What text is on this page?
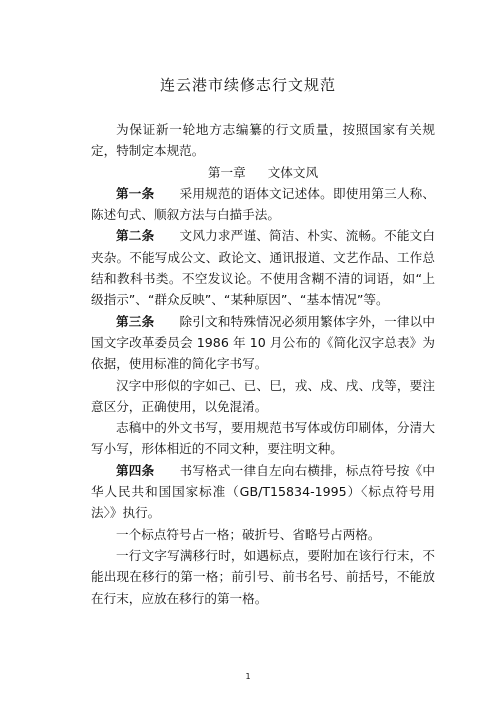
连云港市续修志行文规范

为保证新一轮地方志编纂的行文质量，按照国家有关规定，特制定本规范。

第一章 文体文风

第一条 采用规范的语体文记述体。即使用第三人称、陈述句式、顺叙方法与白描手法。

第二条 文风力求严谨、简洁、朴实、流畅。不能文白夹杂。不能写成公文、政论文、通讯报道、文艺作品、工作总结和教科书类。不空发议论。不使用含糊不清的词语，如“上级指示”、“群众反映”、“某种原因”、“基本情况”等。

第三条 除引文和特殊情况必须用繁体字外，一律以中国文字改革委员会 1986 年 10 月公布的《简化汉字总表》为依据，使用标准的简化字书写。

汉字中形似的字如己、已、巳，戎、戍、戌、戊等，要注意区分，正确使用，以免混淆。

志稿中的外文书写，要用规范书写体或仿印刷体，分清大写小写，形体相近的不同文种，要注明文种。

第四条 书写格式一律自左向右横排，标点符号按《中华人民共和国国家标准（GB/T15834-1995）〈标点符号用法〉》执行。

一个标点符号占一格；破折号、省略号占两格。

一行文字写满移行时，如遇标点，要附加在该行行末，不能出现在移行的第一格；前引号、前书名号、前括号，不能放在行末，应放在移行的第一格。

1
